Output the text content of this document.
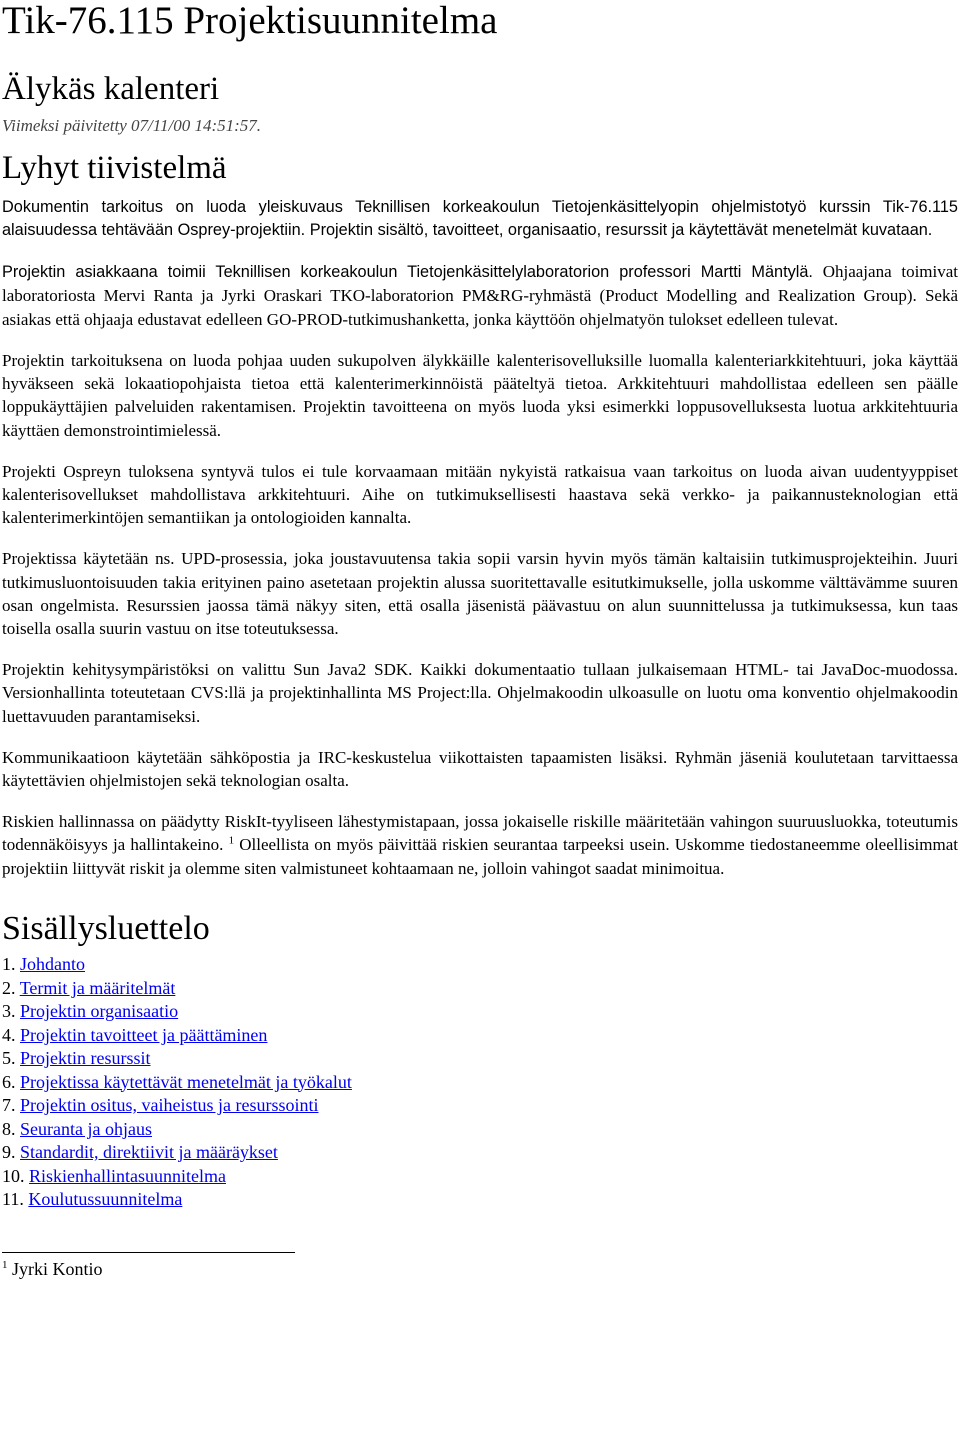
Tik-76.115 Projektisuunnitelma
Älykäs kalenteri
Viimeksi päivitetty 07/11/00 14:51:57.
Lyhyt tiivistelmä

Dokumentin tarkoitus on luoda yleiskuvaus Teknillisen korkeakoulun Tietojenkäsittelyopin ohjelmistotyö kurssin Tik-76.115 alaisuudessa tehtävään Osprey-projektiin. Projektin sisältö, tavoitteet, organisaatio, resurssit ja käytettävät menetelmät kuvataan.

Projektin asiakkaana toimii Teknillisen korkeakoulun Tietojenkäsittelylaboratorion professori Martti Mäntylä. Ohjaajana toimivat laboratoriosta Mervi Ranta ja Jyrki Oraskari TKO-laboratorion PM&RG-ryhmästä (Product Modelling and Realization Group). Sekä asiakas että ohjaaja edustavat edelleen GO-PROD-tutkimushanketta, jonka käyttöön ohjelmatyön tulokset edelleen tulevat.

Projektin tarkoituksena on luoda pohjaa uuden sukupolven älykkäille kalenterisovelluksille luomalla kalenteriarkkitehtuuri, joka käyttää hyväkseen sekä lokaatiopohjaista tietoa että kalenterimerkinnöistä pääteltyä tietoa. Arkkitehtuuri mahdollistaa edelleen sen päälle loppukäyttäjien palveluiden rakentamisen. Projektin tavoitteena on myös luoda yksi esimerkki loppusovelluksesta luotua arkkitehtuuria käyttäen demonstrointimielessä.

Projekti Ospreyn tuloksena syntyvä tulos ei tule korvaamaan mitään nykyistä ratkaisua vaan tarkoitus on luoda aivan uudentyyppiset kalenterisovellukset mahdollistava arkkitehtuuri. Aihe on tutkimuksellisesti haastava sekä verkko- ja paikannusteknologian että kalenterimerkintöjen semantiikan ja ontologioiden kannalta.

Projektissa käytetään ns. UPD-prosessia, joka joustavuutensa takia sopii varsin hyvin myös tämän kaltaisiin tutkimusprojekteihin. Juuri tutkimusluontoisuuden takia erityinen paino asetetaan projektin alussa suoritettavalle esitutkimukselle, jolla uskomme välttävämme suuren osan ongelmista. Resurssien jaossa tämä näkyy siten, että osalla jäsenistä päävastuu on alun suunnittelussa ja tutkimuksessa, kun taas toisella osalla suurin vastuu on itse toteutuksessa.

Projektin kehitysympäristöksi on valittu Sun Java2 SDK. Kaikki dokumentaatio tullaan julkaisemaan HTML- tai JavaDoc-muodossa. Versionhallinta toteutetaan CVS:llä ja projektinhallinta MS Project:lla. Ohjelmakoodin ulkoasulle on luotu oma konventio ohjelmakoodin luettavuuden parantamiseksi.

Kommunikaatioon käytetään sähköpostia ja IRC-keskustelua viikottaisten tapaamisten lisäksi. Ryhmän jäseniä koulutetaan tarvittaessa käytettävien ohjelmistojen sekä teknologian osalta.

Riskien hallinnassa on päädytty RiskIt-tyyliseen lähestymistapaan, jossa jokaiselle riskille määritetään vahingon suuruusluokka, toteutumis todennäköisyys ja hallintakeino. $^1$ Olleellista on myös päivittää riskien seurantaa tarpeeksi usein. Uskomme tiedostaneemme oleellisimmat projektiin liittyvät riskit ja olemme siten valmistuneet kohtaamaan ne, jolloin vahingot saadat minimoitua.

Sisällysluettelo
1. Johdanto
2. Termit ja määritelmät
3. Projektin organisaatio
4. Projektin tavoitteet ja päättäminen
5. Projektin resurssit
6. Projektissa käytettävät menetelmät ja työkalut
7. Projektin ositus, vaiheistus ja resurssointi
8. Seuranta ja ohjaus
9. Standardit, direktiivit ja määräykset
10. Riskienhallintasuunnitelma
11. Koulutussuunnitelma
$^1$ Jyrki Kontio
